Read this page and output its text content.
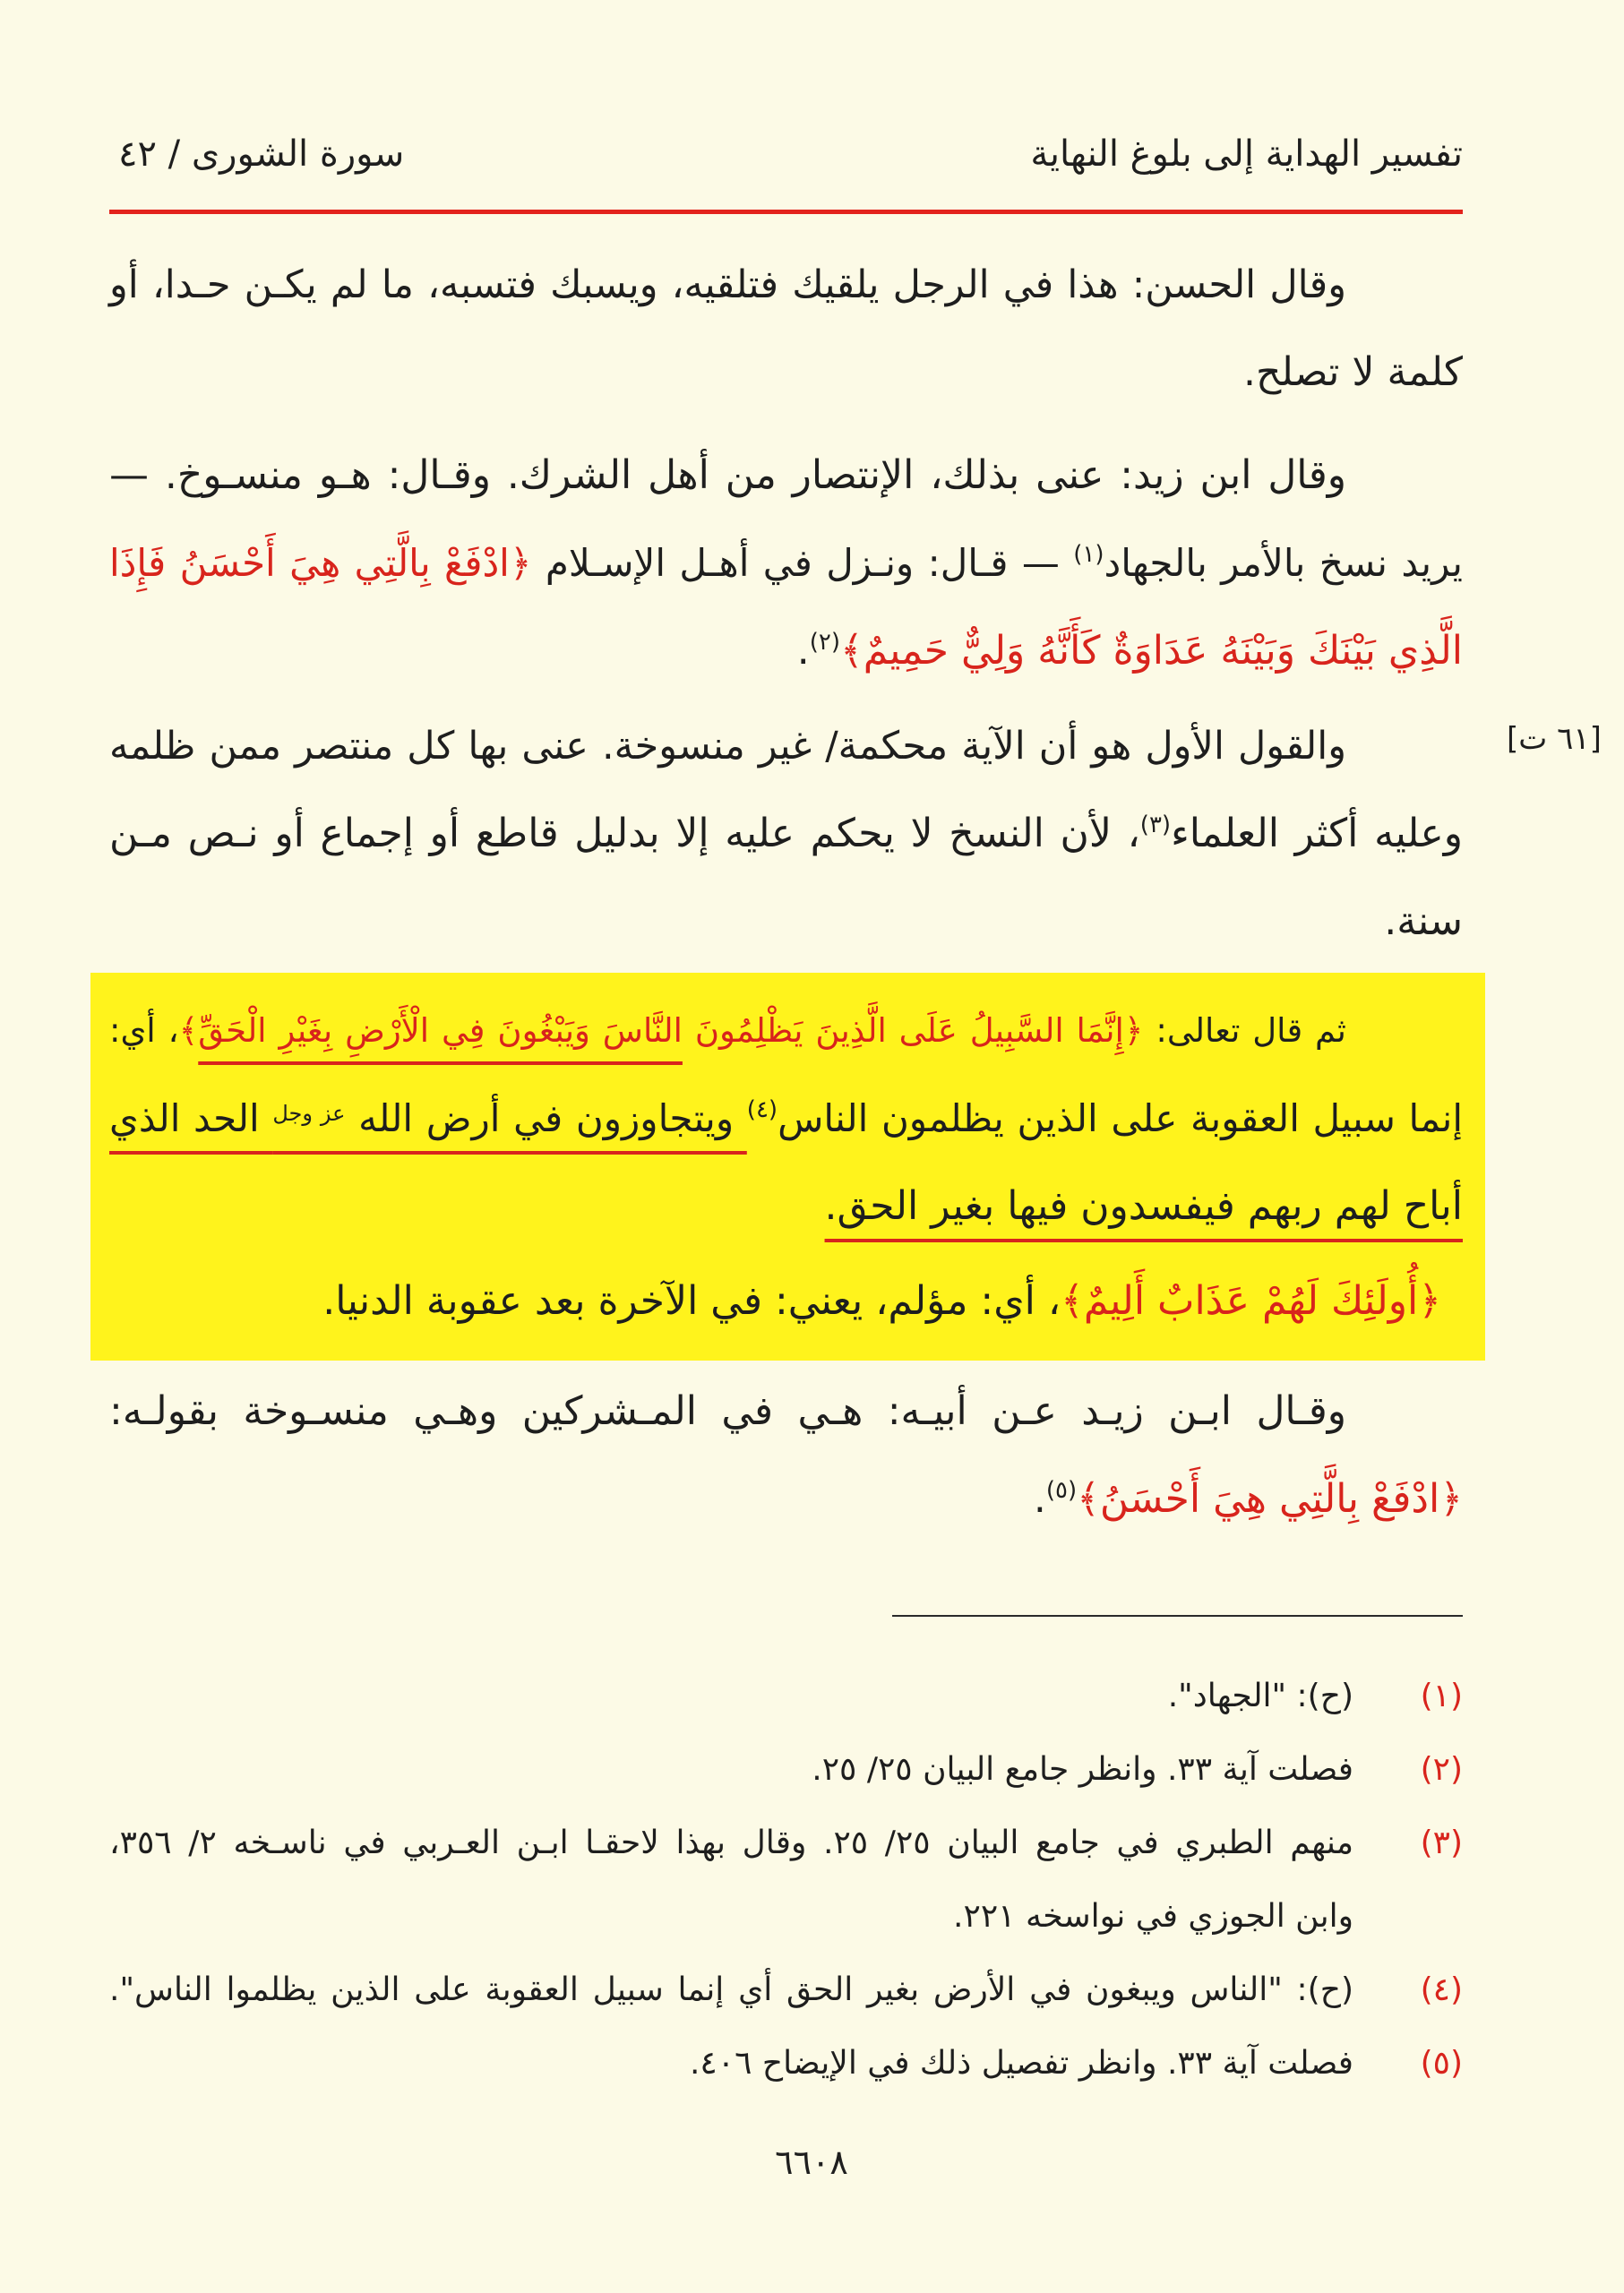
تفسير الهداية إلى بلوغ النهاية
سورة الشورى / ٤٢
[ت ٦١]
وقال الحسن: هذا في الرجل يلقيك فتلقيه، ويسبك فتسبه، ما لم يكـن حـدا، أو
كلمة لا تصلح.
وقال ابن زيد: عنى بذلك، الإنتصار من أهل الشرك. وقـال: هـو منسـوخ. —
يريد نسخ بالأمر بالجهاد$^{(١)}$ — قـال: ونـزل في أهـل الإسـلام ﴿ادْفَعْ بِالَّتِي هِيَ أَحْسَنُ فَإِذَا
الَّذِي بَيْنَكَ وَبَيْنَهُ عَدَاوَةٌ كَأَنَّهُ وَلِيٌّ حَمِيمٌ﴾$^{(٢)}$.
والقول الأول هو أن الآية محكمة/ غير منسوخة. عنى بها كل منتصر ممن ظلمه
وعليه أكثر العلماء$^{(٣)}$، لأن النسخ لا يحكم عليه إلا بدليل قاطع أو إجماع أو نـص مـن
سنة.
ثم قال تعالى: ﴿إِنَّمَا السَّبِيلُ عَلَى الَّذِينَ يَظْلِمُونَ النَّاسَ وَيَبْغُونَ فِي الْأَرْضِ بِغَيْرِ الْحَقِّ﴾، أي:
إنما سبيل العقوبة على الذين يظلمون الناس$^{(٤)}$ ويتجاوزون في أرض الله $^{عز وجل}$ الحد الذي
أباح لهم ربهم فيفسدون فيها بغير الحق.
﴿أُولَئِكَ لَهُمْ عَذَابٌ أَلِيمٌ﴾، أي: مؤلم، يعني: في الآخرة بعد عقوبة الدنيا.
وقـال ابـن زيـد عـن أبيـه: هـي في المـشركين وهـي منسـوخة بقولـه:
﴿ادْفَعْ بِالَّتِي هِيَ أَحْسَنُ﴾$^{(٥)}$.
(١)
(ح): "الجهاد".
(٢)
فصلت آية ٣٣. وانظر جامع البيان ٢٥/ ٢٥.
(٣)
منهم الطبري في جامع البيان ٢٥/ ٢٥. وقال بهذا لاحقـا ابـن العـربي في ناسـخه ٢/ ٣٥٦،
وابن الجوزي في نواسخه ٢٢١.
(٤)
(ح): "الناس ويبغون في الأرض بغير الحق أي إنما سبيل العقوبة على الذين يظلموا الناس".
(٥)
فصلت آية ٣٣. وانظر تفصيل ذلك في الإيضاح ٤٠٦.
٦٦٠٨
